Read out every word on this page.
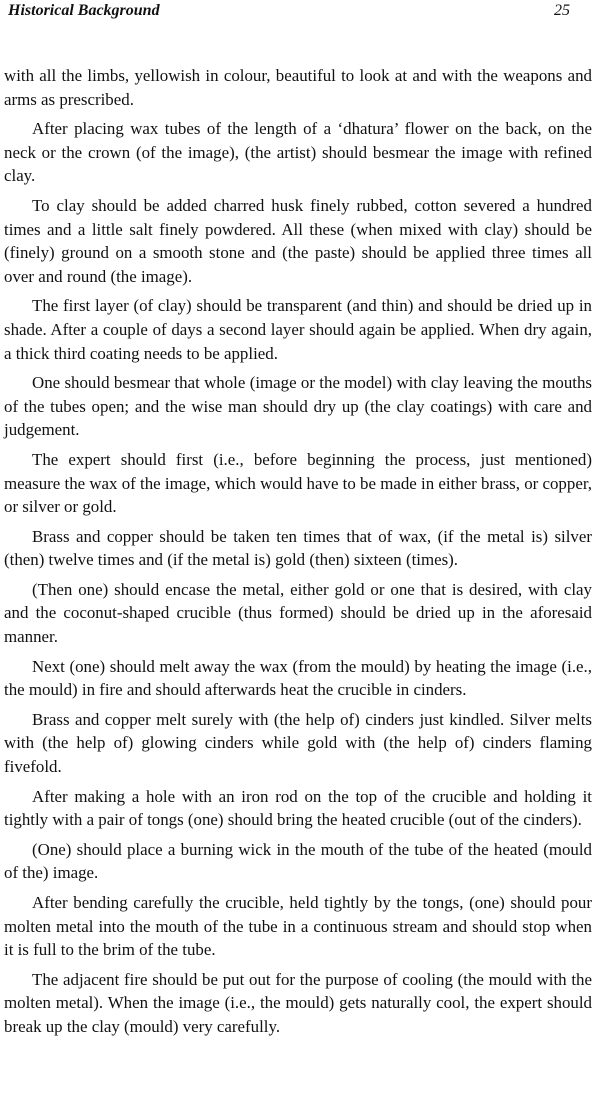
Historical Background	25

with all the limbs, yellowish in colour, beautiful to look at and with the weapons and arms as prescribed.

After placing wax tubes of the length of a ‘dhatura’ flower on the back, on the neck or the crown (of the image), (the artist) should besmear the image with refined clay.

To clay should be added charred husk finely rubbed, cotton severed a hundred times and a little salt finely powdered. All these (when mixed with clay) should be (finely) ground on a smooth stone and (the paste) should be applied three times all over and round (the image).

The first layer (of clay) should be transparent (and thin) and should be dried up in shade. After a couple of days a second layer should again be applied. When dry again, a thick third coating needs to be applied.

One should besmear that whole (image or the model) with clay leaving the mouths of the tubes open; and the wise man should dry up (the clay coatings) with care and judgement.

The expert should first (i.e., before beginning the process, just mentioned) measure the wax of the image, which would have to be made in either brass, or copper, or silver or gold.

Brass and copper should be taken ten times that of wax, (if the metal is) silver (then) twelve times and (if the metal is) gold (then) sixteen (times).

(Then one) should encase the metal, either gold or one that is desired, with clay and the coconut-shaped crucible (thus formed) should be dried up in the aforesaid manner.

Next (one) should melt away the wax (from the mould) by heating the image (i.e., the mould) in fire and should afterwards heat the crucible in cinders.

Brass and copper melt surely with (the help of) cinders just kindled. Silver melts with (the help of) glowing cinders while gold with (the help of) cinders flaming fivefold.

After making a hole with an iron rod on the top of the crucible and holding it tightly with a pair of tongs (one) should bring the heated crucible (out of the cinders).

(One) should place a burning wick in the mouth of the tube of the heated (mould of the) image.

After bending carefully the crucible, held tightly by the tongs, (one) should pour molten metal into the mouth of the tube in a continuous stream and should stop when it is full to the brim of the tube.

The adjacent fire should be put out for the purpose of cooling (the mould with the molten metal). When the image (i.e., the mould) gets naturally cool, the expert should break up the clay (mould) very carefully.
